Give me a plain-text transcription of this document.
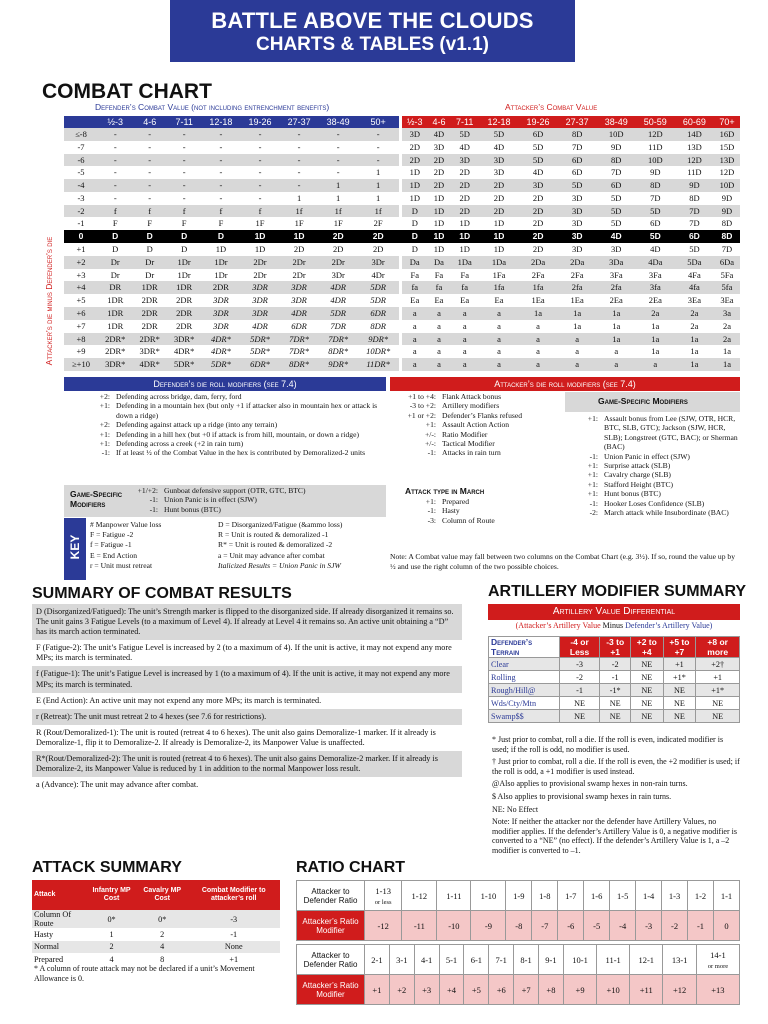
BATTLE ABOVE THE CLOUDS
CHARTS & TABLES (v1.1)
COMBAT CHART
Defender’s Combat Value (not including entrenchment benefits)	Attacker’s Combat Value
Attacker’s die minus Defender’s die
	½-3	4-6	7-11	12-18	19-26	27-37	38-49	50+		½-3	4-6	7-11	12-18	19-26	27-37	38-49	50-59	60-69	70+
≤-8	-	-	-	-	-	-	-	-		3D	4D	5D	5D	6D	8D	10D	12D	14D	16D
-7	-	-	-	-	-	-	-	-		2D	3D	4D	4D	5D	7D	9D	11D	13D	15D
-6	-	-	-	-	-	-	-	-		2D	2D	3D	3D	5D	6D	8D	10D	12D	13D
-5	-	-	-	-	-	-	-	1		1D	2D	2D	3D	4D	6D	7D	9D	11D	12D
-4	-	-	-	-	-	-	1	1		1D	2D	2D	2D	3D	5D	6D	8D	9D	10D
-3	-	-	-	-	-	1	1	1		1D	1D	2D	2D	2D	3D	5D	7D	8D	9D
-2	f	f	f	f	f	1f	1f	1f		D	1D	2D	2D	2D	3D	5D	5D	7D	9D
-1	F	F	F	F	1F	1F	1F	2F		D	1D	1D	1D	2D	3D	5D	6D	7D	8D
0	D	D	D	D	1D	1D	2D	2D		D	1D	1D	1D	2D	3D	4D	5D	6D	8D
+1	D	D	D	1D	1D	2D	2D	2D		D	1D	1D	1D	2D	3D	3D	4D	5D	7D
+2	Dr	Dr	1Dr	1Dr	2Dr	2Dr	2Dr	3Dr		Da	Da	1Da	1Da	2Da	2Da	3Da	4Da	5Da	6Da
+3	Dr	Dr	1Dr	1Dr	2Dr	2Dr	3Dr	4Dr		Fa	Fa	Fa	1Fa	2Fa	2Fa	3Fa	3Fa	4Fa	5Fa
+4	DR	1DR	1DR	2DR	3DR	3DR	4DR	5DR		fa	fa	fa	1fa	1fa	2fa	2fa	3fa	4fa	5fa
+5	1DR	2DR	2DR	3DR	3DR	3DR	4DR	5DR		Ea	Ea	Ea	Ea	1Ea	1Ea	2Ea	2Ea	3Ea	3Ea
+6	1DR	2DR	2DR	3DR	3DR	4DR	5DR	6DR		a	a	a	a	1a	1a	1a	2a	2a	3a
+7	1DR	2DR	2DR	3DR	4DR	6DR	7DR	8DR		a	a	a	a	a	1a	1a	1a	2a	2a
+8	2DR*	2DR*	3DR*	4DR*	5DR*	7DR*	7DR*	9DR*		a	a	a	a	a	a	1a	1a	1a	2a
+9	2DR*	3DR*	4DR*	4DR*	5DR*	7DR*	8DR*	10DR*		a	a	a	a	a	a	a	1a	1a	1a
≥+10	3DR*	4DR*	5DR*	5DR*	6DR*	8DR*	9DR*	11DR*		a	a	a	a	a	a	a	a	1a	1a
Defender’s die roll modifiers (see 7.4)	Attacker’s die roll modifiers (see 7.4)
+2: Defending across bridge, dam, ferry, ford
+1: Defending in a mountain hex (but only +1 if attacker also in mountain hex or attack is down a ridge)
+2: Defending against attack up a ridge (into any terrain)
+1: Defending in a hill hex (but +0 if attack is from hill, mountain, or down a ridge)
+1: Defending across a creek (+2 in rain turn)
-1: If at least ½ of the Combat Value in the hex is contributed by Demoralized-2 units
Game-Specific Modifiers
+1/+2: Gunboat defensive support (OTR, GTC, BTC)
-1: Union Panic is in effect (SJW)
-1: Hunt bonus (BTC)
KEY
# Manpower Value loss	D = Disorganized/Fatigue (&ammo loss)
F = Fatigue -2	R = Unit is routed & demoralized -1
f = Fatigue -1	R* = Unit is routed & demoralized -2
E = End Action	a = Unit may advance after combat
r = Unit must retreat	Italicized Results = Union Panic in SJW
+1 to +4: Flank Attack bonus
-3 to +2: Artillery modifiers
+1 or +2: Defender’s Flanks refused
+1: Assault Action Action
+/-: Ratio Modifier
+/-: Tactical Modifier
-1: Attacks in rain turn
Attack type in March
+1: Prepared
-1: Hasty
-3: Column of Route
Game-Specific Modifiers
+1: Assault bonus from Lee (SJW, OTR, HCR, BTC, SLB, GTC); Jackson (SJW, HCR, SLB); Longstreet (GTC, BAC); or Sherman (BAC)
-1: Union Panic in effect (SJW)
+1: Surprise attack (SLB)
+1: Cavalry charge (SLB)
+1: Stafford Height (BTC)
+1: Hunt bonus (BTC)
-1: Hooker Loses Confidence (SLB)
-2: March attack while Insubordinate (BAC)
Note: A Combat value may fall between two columns on the Combat Chart (e.g. 3½). If so, round the value up by ½ and use the right column of the two possible choices.
SUMMARY OF COMBAT RESULTS

D (Disorganized/Fatigued): The unit’s Strength marker is flipped to the disorganized side. If already disorganized it remains so. The unit gains 3 Fatigue Levels (to a maximum of Level 4). If already at Level 4 it remains so. An active unit obtaining a “D” has its march action terminated.

F (Fatigue-2): The unit’s Fatigue Level is increased by 2 (to a maximum of 4). If the unit is active, it may not expend any more MPs; its march is terminated.

f (Fatigue-1): The unit’s Fatigue Level is increased by 1 (to a maximum of 4). If the unit is active, it may not expend any more MPs; its march is terminated.

E (End Action): An active unit may not expend any more MPs; its march is terminated.

r (Retreat): The unit must retreat 2 to 4 hexes (see 7.6 for restrictions).

R (Rout/Demoralized-1): The unit is routed (retreat 4 to 6 hexes). The unit also gains Demoralize-1 marker. If it already is Demoralize-1, flip it to Demoralize-2. If already is Demoralize-2, its Manpower Value is unaffected.

R*(Rout/Demoralized-2): The unit is routed (retreat 4 to 6 hexes). The unit also gains Demoralize-2 marker. If it already is Demoralize-2, its Manpower Value is reduced by 1 in addition to the normal Manpower loss result.

a (Advance): The unit may advance after combat.

ARTILLERY MODIFIER SUMMARY
Artillery Value Differential
(Attacker’s Artillery Value Minus Defender’s Artillery Value)
Defender’s Terrain	-4 or Less	-3 to +1	+2 to +4	+5 to +7	+8 or more
Clear	-3	-2	NE	+1	+2†
Rolling	-2	-1	NE	+1*	+1
Rough/Hill@	-1	-1*	NE	NE	+1*
Wds/Cty/Mtn	NE	NE	NE	NE	NE
Swamp$$	NE	NE	NE	NE	NE
* Just prior to combat, roll a die. If the roll is even, indicated modifier is used; if the roll is odd, no modifier is used.
† Just prior to combat, roll a die. If the roll is even, the +2 modifier is used; if the roll is odd, a +1 modifier is used instead.
@Also applies to provisional swamp hexes in non-rain turns.
$ Also applies to provisional swamp hexes in rain turns.
NE: No Effect
Note: If neither the attacker nor the defender have Artillery Values, no modifier applies. If the defender’s Artillery Value is 0, a negative modifier is converted to a “NE” (no effect). If the defender’s Artillery Value is 1, a –2 modifier is converted to –1.
ATTACK SUMMARY
Attack	Infantry MP Cost	Cavalry MP Cost	Combat Modifier to attacker’s roll
Column Of Route	0*	0*	-3
Hasty	1	2	-1
Normal	2	4	None
Prepared	4	8	+1
* A column of route attack may not be declared if a unit’s Movement Allowance is 0.
RATIO CHART
Attacker to Defender Ratio	1-13
or less	1-12	1-11	1-10	1-9	1-8	1-7	1-6	1-5	1-4	1-3	1-2	1-1
Attacker’s Ratio Modifier	-12	-11	-10	-9	-8	-7	-6	-5	-4	-3	-2	-1	0
Attacker to Defender Ratio	2-1	3-1	4-1	5-1	6-1	7-1	8-1	9-1	10-1	11-1	12-1	13-1	14-1
or more
Attacker’s Ratio Modifier	+1	+2	+3	+4	+5	+6	+7	+8	+9	+10	+11	+12	+13
